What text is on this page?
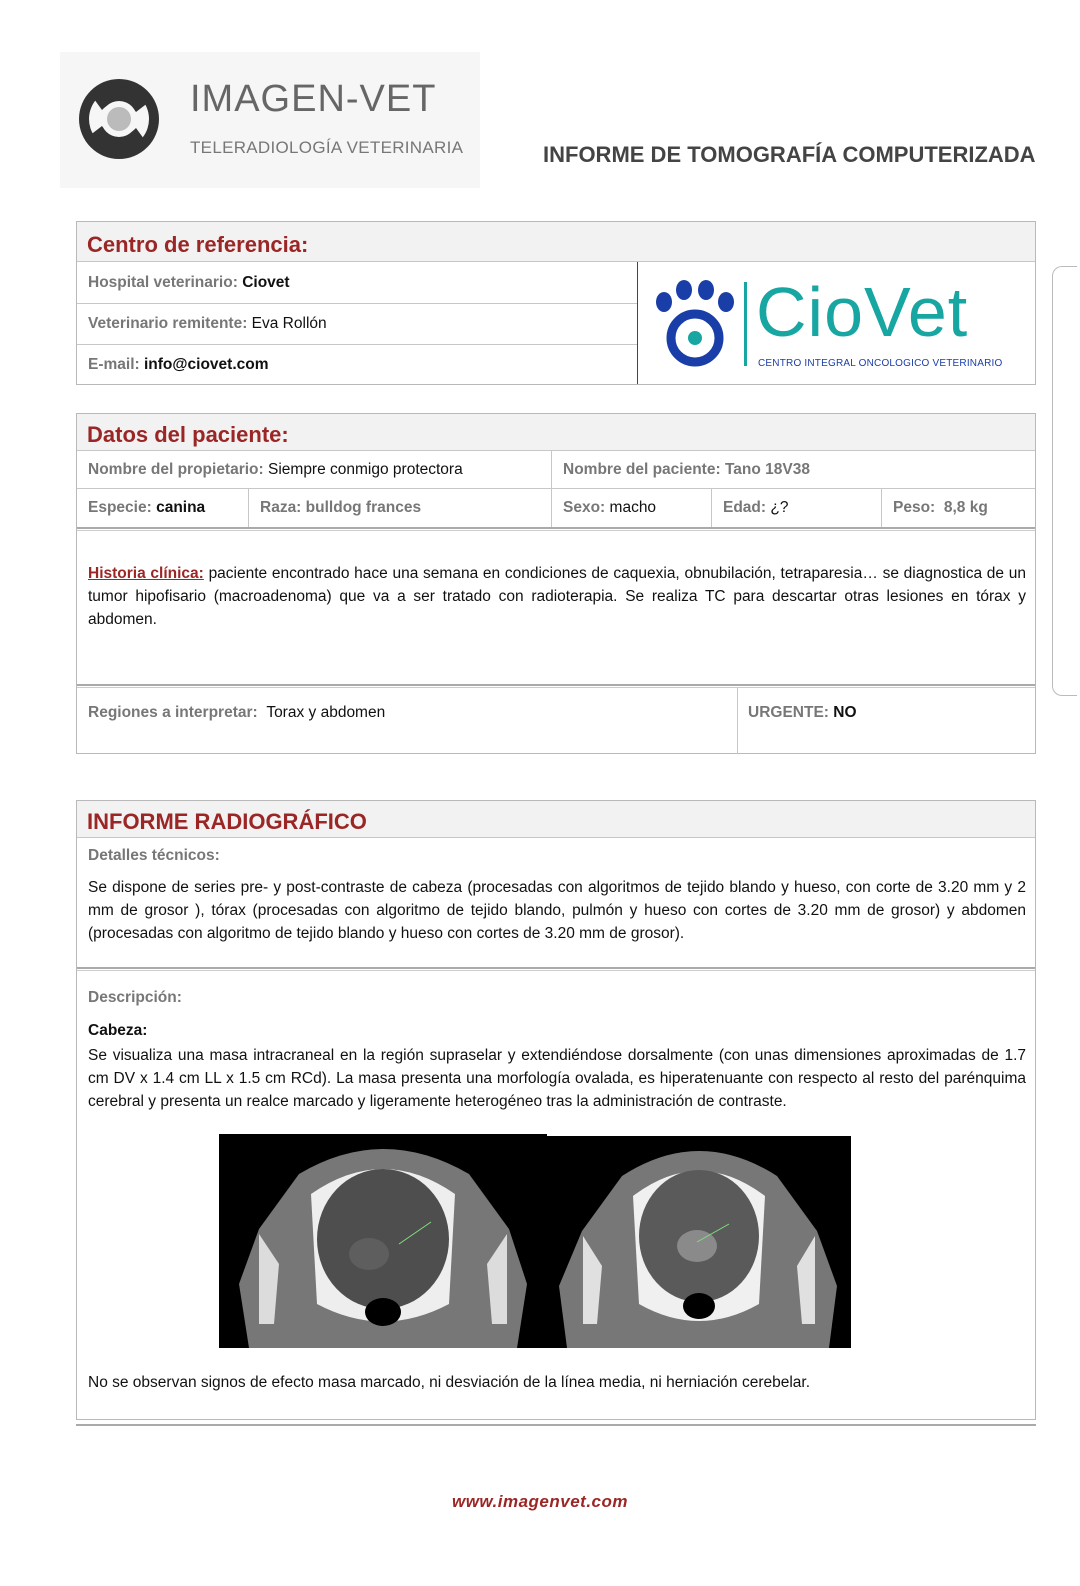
IMAGEN-VET
TELERADIOLOGÍA VETERINARIA	INFORME DE TOMOGRAFÍA COMPUTERIZADA
Centro de referencia:
Hospital veterinario:
Ciovet
Veterinario remitente:
Eva Rollón
E-mail:
info@ciovet.com
CioVet
CENTRO INTEGRAL ONCOLOGICO VETERINARIO
Datos del paciente:
Nombre del propietario:
Siempre conmigo protectora	Nombre del paciente:
Tano 18V38
Especie:
canina	Raza:
bulldog frances	Sexo:
macho	Edad:
¿?	Peso:
8,8 kg

Historia clínica: paciente encontrado hace una semana en condiciones de caquexia, obnubilación, tetraparesia… se diagnostica de un tumor hipofisario (macroadenoma) que va a ser tratado con radioterapia. Se realiza TC para descartar otras lesiones en tórax y abdomen.

Regiones a interpretar:
Torax y abdomen	URGENTE:
NO
INFORME RADIOGRÁFICO
Detalles técnicos:

Se dispone de series pre- y post-contraste de cabeza (procesadas con algoritmos de tejido blando y hueso, con corte de 3.20 mm y 2 mm de grosor ), tórax (procesadas con algoritmo de tejido blando, pulmón y hueso con cortes de 3.20 mm de grosor) y abdomen (procesadas con algoritmo de tejido blando y hueso con cortes de 3.20 mm de grosor).

Descripción:
Cabeza:

Se visualiza una masa intracraneal en la región supraselar y extendiéndose dorsalmente (con unas dimensiones aproximadas de 1.7 cm DV x 1.4 cm LL x 1.5 cm RCd). La masa presenta una morfología ovalada, es hiperatenuante con respecto al resto del parénquima cerebral y presenta un realce marcado y ligeramente heterogéneo tras la administración de contraste.

No se observan signos de efecto masa marcado, ni desviación de la línea media, ni herniación cerebelar.

www.imagenvet.com
